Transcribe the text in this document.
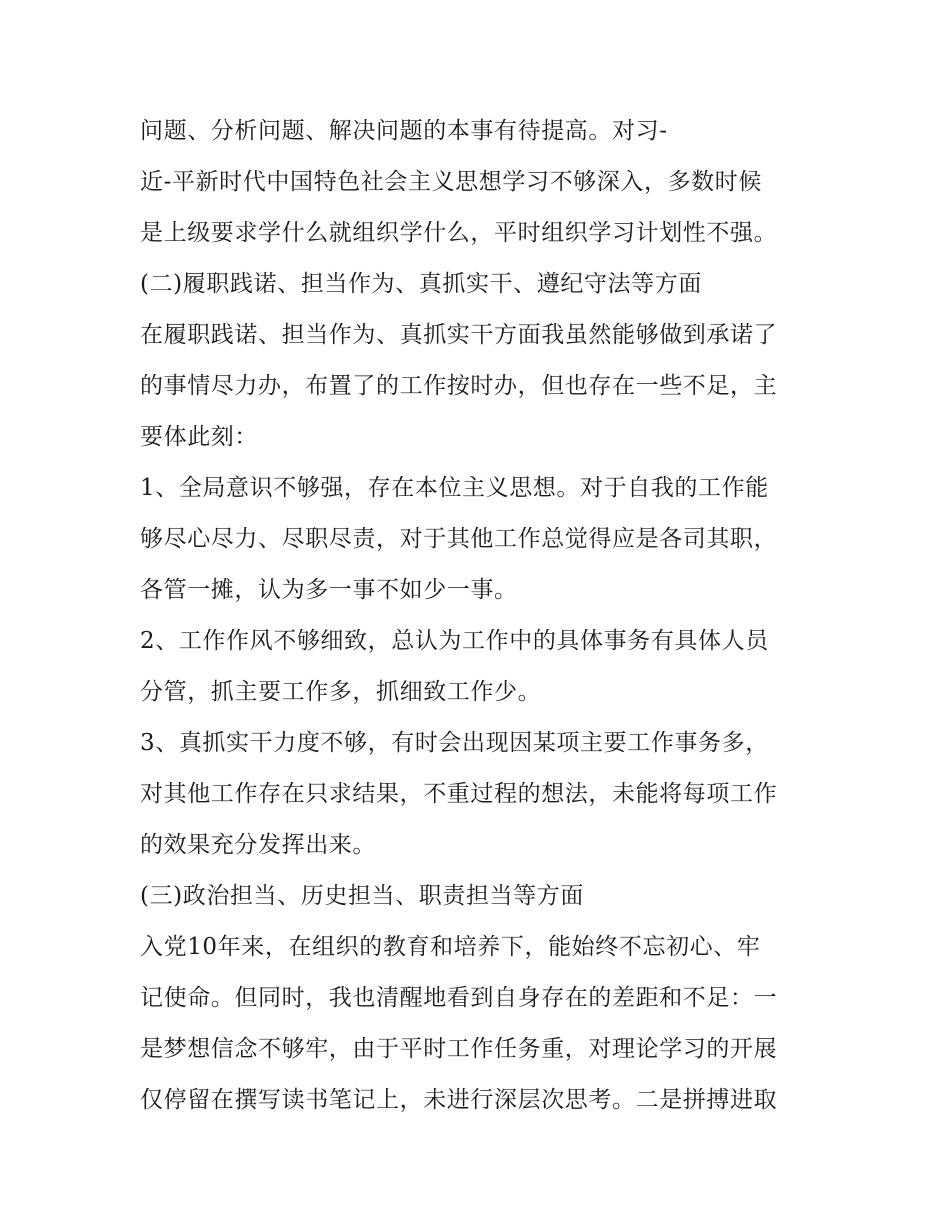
问题、分析问题、解决问题的本事有待提高。对习-
近-平新时代中国特色社会主义思想学习不够深入，多数时候
是上级要求学什么就组织学什么，平时组织学习计划性不强。
(二)履职践诺、担当作为、真抓实干、遵纪守法等方面
在履职践诺、担当作为、真抓实干方面我虽然能够做到承诺了
的事情尽力办，布置了的工作按时办，但也存在一些不足，主
要体此刻：
1、全局意识不够强，存在本位主义思想。对于自我的工作能
够尽心尽力、尽职尽责，对于其他工作总觉得应是各司其职，
各管一摊，认为多一事不如少一事。
2、工作作风不够细致，总认为工作中的具体事务有具体人员
分管，抓主要工作多，抓细致工作少。
3、真抓实干力度不够，有时会出现因某项主要工作事务多，
对其他工作存在只求结果，不重过程的想法，未能将每项工作
的效果充分发挥出来。
(三)政治担当、历史担当、职责担当等方面
入党10年来，在组织的教育和培养下，能始终不忘初心、牢
记使命。但同时，我也清醒地看到自身存在的差距和不足：一
是梦想信念不够牢，由于平时工作任务重，对理论学习的开展
仅停留在撰写读书笔记上，未进行深层次思考。二是拼搏进取
